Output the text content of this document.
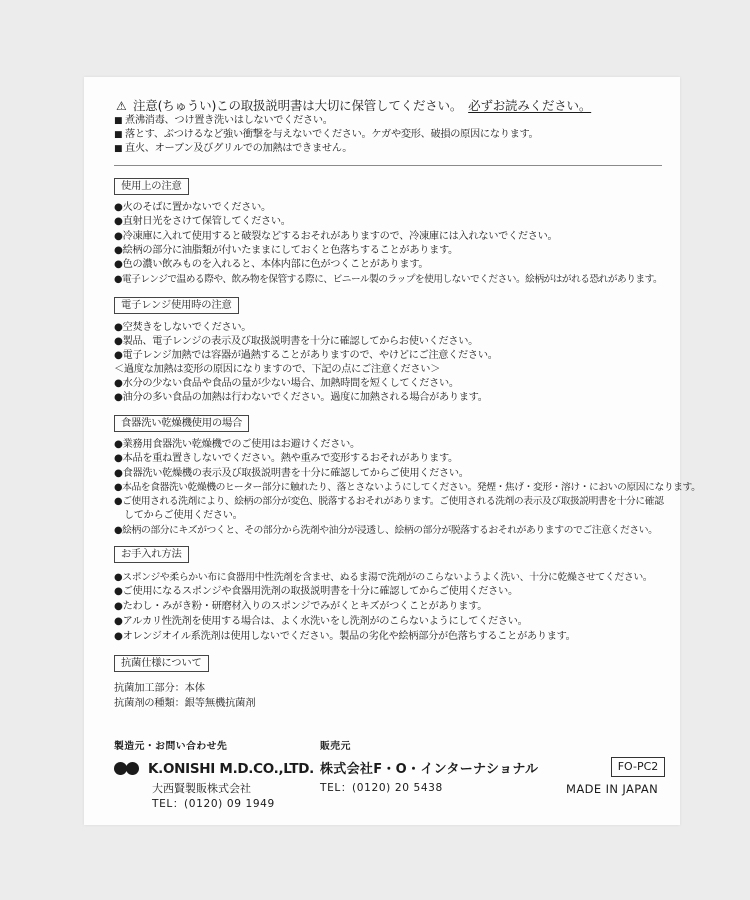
⚠ 注意(ちゅうい)この取扱説明書は大切に保管してください。 必ずお読みください。
■ 煮沸消毒、つけ置き洗いはしないでください。
■ 落とす、ぶつけるなど強い衝撃を与えないでください。ケガや変形、破損の原因になります。
■ 直火、オーブン及びグリルでの加熱はできません。
使用上の注意
●火のそばに置かないでください。
●直射日光をさけて保管してください。
●冷凍庫に入れて使用すると破裂などするおそれがありますので、冷凍庫には入れないでください。
●絵柄の部分に油脂類が付いたままにしておくと色落ちすることがあります。
●色の濃い飲みものを入れると、本体内部に色がつくことがあります。
●電子レンジで温める際や、飲み物を保管する際に、ビニール製のラップを使用しないでください。絵柄がはがれる恐れがあります。
電子レンジ使用時の注意
●空焚きをしないでください。
●製品、電子レンジの表示及び取扱説明書を十分に確認してからお使いください。
●電子レンジ加熱では容器が過熱することがありますので、やけどにご注意ください。
＜過度な加熱は変形の原因になりますので、下記の点にご注意ください＞
●水分の少ない食品や食品の量が少ない場合、加熱時間を短くしてください。
●油分の多い食品の加熱は行わないでください。過度に加熱される場合があります。
食器洗い乾燥機使用の場合
●業務用食器洗い乾燥機でのご使用はお避けください。
●本品を重ね置きしないでください。熱や重みで変形するおそれがあります。
●食器洗い乾燥機の表示及び取扱説明書を十分に確認してからご使用ください。
●本品を食器洗い乾燥機のヒーター部分に触れたり、落とさないようにしてください。発煙・焦げ・変形・溶け・においの原因になります。
●ご使用される洗剤により、絵柄の部分が変色、脱落するおそれがあります。ご使用される洗剤の表示及び取扱説明書を十分に確認
　してからご使用ください。
●絵柄の部分にキズがつくと、その部分から洗剤や油分が浸透し、絵柄の部分が脱落するおそれがありますのでご注意ください。
お手入れ方法
●スポンジや柔らかい布に食器用中性洗剤を含ませ、ぬるま湯で洗剤がのこらないようよく洗い、十分に乾燥させてください。
●ご使用になるスポンジや食器用洗剤の取扱説明書を十分に確認してからご使用ください。
●たわし・みがき粉・研磨材入りのスポンジでみがくとキズがつくことがあります。
●アルカリ性洗剤を使用する場合は、よく水洗いをし洗剤がのこらないようにしてください。
●オレンジオイル系洗剤は使用しないでください。製品の劣化や絵柄部分が色落ちすることがあります。
抗菌仕様について
抗菌加工部分：本体
抗菌剤の種類：銀等無機抗菌剤
製造元・お問い合わせ先
K.ONISHI M.D.CO.,LTD.
大西賢製販株式会社
TEL：(0120) 09 1949
販売元
株式会社F・O・インターナショナル
TEL：(0120) 20 5438
FO-PC2
MADE IN JAPAN
